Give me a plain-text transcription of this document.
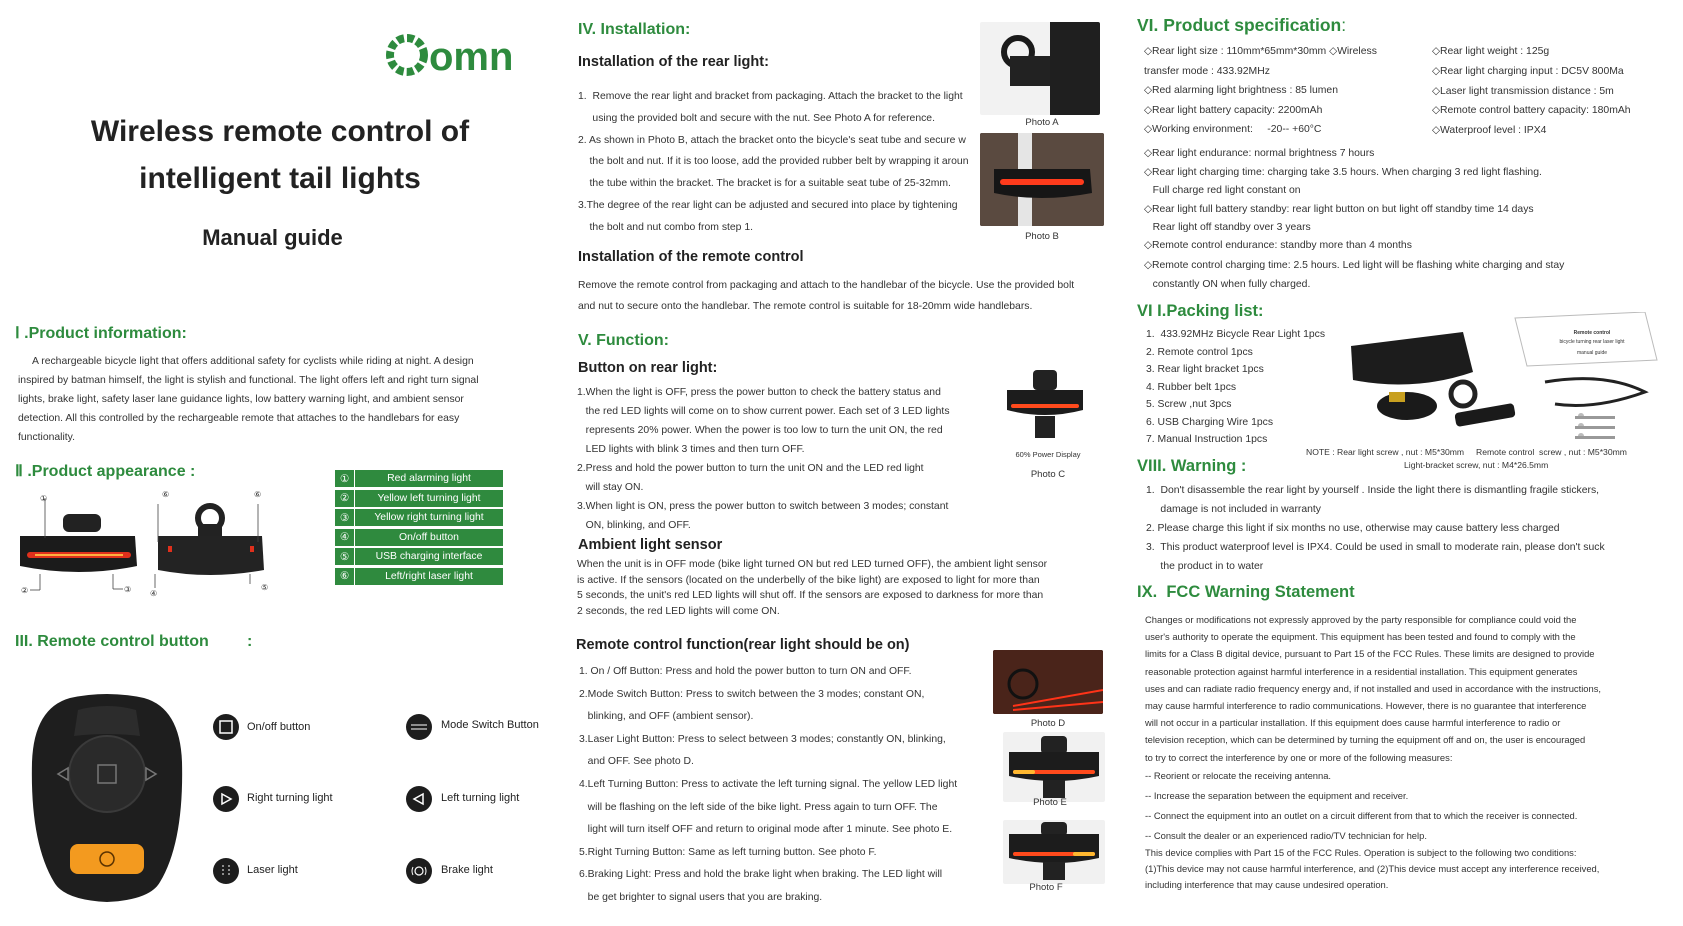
omni
Wireless remote control of
intelligent tail lights
Manual guide
Ⅰ .Product information:
A rechargeable bicycle light that offers additional safety for cyclists while riding at night. A design
inspired by batman himself, the light is stylish and functional. The light offers left and right turn signal
lights, brake light, safety laser lane guidance lights, low battery warning light, and ambient sensor
detection. All this controlled by the rechargeable remote that attaches to the handlebars for easy
functionality.
Ⅱ .Product appearance :
①
②	③ ④
⑤
⑥	⑥
①	Red alarming light
②	Yellow left turning light
③	Yellow right turning light
④	On/off button
⑤	USB charging interface
⑥	Left/right laser light
III. Remote control button :
On/off button	Mode Switch Button
Right turning light	Left turning light
Laser light	Brake light
IV. Installation:
Installation of the rear light:
1.  Remove the rear light and bracket from packaging. Attach the bracket to the light
using the provided bolt and secure with the nut. See Photo A for reference.
2. As shown in Photo B, attach the bracket onto the bicycle's seat tube and secure w
the bolt and nut. If it is too loose, add the provided rubber belt by wrapping it aroun
the tube within the bracket. The bracket is for a suitable seat tube of 25-32mm.
3.The degree of the rear light can be adjusted and secured into place by tightening
the bolt and nut combo from step 1.
Photo A
Photo B
Installation of the remote control
Remove the remote control from packaging and attach to the handlebar of the bicycle. Use the provided bolt
and nut to secure onto the handlebar. The remote control is suitable for 18-20mm wide handlebars.
V. Function:
Button on rear light:
1.When the light is OFF, press the power button to check the battery status and
the red LED lights will come on to show current power. Each set of 3 LED lights
represents 20% power. When the power is too low to turn the unit ON, the red
LED lights with blink 3 times and then turn OFF.
2.Press and hold the power button to turn the unit ON and the LED red light
will stay ON.
3.When light is ON, press the power button to switch between 3 modes; constant
ON, blinking, and OFF.
60% Power Display
Photo C
Ambient light sensor
When the unit is in OFF mode (bike light turned ON but red LED turned OFF), the ambient light sensor
is active. If the sensors (located on the underbelly of the bike light) are exposed to light for more than
5 seconds, the unit's red LED lights will shut off. If the sensors are exposed to darkness for more than
2 seconds, the red LED lights will come ON.
Remote control function(rear light should be on)
1. On / Off Button: Press and hold the power button to turn ON and OFF.
2.Mode Switch Button: Press to switch between the 3 modes; constant ON,
blinking, and OFF (ambient sensor).
3.Laser Light Button: Press to select between 3 modes; constantly ON, blinking,
and OFF. See photo D.
4.Left Turning Button: Press to activate the left turning signal. The yellow LED light
will be flashing on the left side of the bike light. Press again to turn OFF. The
light will turn itself OFF and return to original mode after 1 minute. See photo E.
5.Right Turning Button: Same as left turning button. See photo F.
6.Braking Light: Press and hold the brake light when braking. The LED light will
be get brighter to signal users that you are braking.
Photo D
Photo E
Photo F
VI. Product specification:
◇Rear light size : 110mm*65mm*30mm ◇Wireless
transfer mode : 433.92MHz
◇Red alarming light brightness : 85 lumen
◇Rear light battery capacity: 2200mAh
◇Working environment:     -20-- +60°C
◇Rear light weight : 125g
◇Rear light charging input : DC5V 800Ma
◇Laser light transmission distance : 5m
◇Remote control battery capacity: 180mAh
◇Waterproof level : IPX4
◇Rear light endurance: normal brightness 7 hours
◇Rear light charging time: charging take 3.5 hours. When charging 3 red light flashing.
Full charge red light constant on
◇Rear light full battery standby: rear light button on but light off standby time 14 days
Rear light off standby over 3 years
◇Remote control endurance: standby more than 4 months
◇Remote control charging time: 2.5 hours. Led light will be flashing white charging and stay
constantly ON when fully charged.
VI I.Packing list:
1.  433.92MHz Bicycle Rear Light 1pcs
2. Remote control 1pcs
3. Rear light bracket 1pcs
4. Rubber belt 1pcs
5. Screw ,nut 3pcs
6. USB Charging Wire 1pcs
7. Manual Instruction 1pcs
Remote control
bicycle turning rear laser light
manual guide
NOTE : Rear light screw , nut : M5*30mm     Remote control  screw , nut : M5*30mm
Light-bracket screw, nut : M4*26.5mm
VIII. Warning :
1.  Don't disassemble the rear light by yourself . Inside the light there is dismantling fragile stickers,
damage is not included in warranty
2. Please charge this light if six months no use, otherwise may cause battery less charged
3.  This product waterproof level is IPX4. Could be used in small to moderate rain, please don't suck
the product in to water
IX.  FCC Warning Statement

Changes or modifications not expressly approved by the party responsible for compliance could void the

user's authority to operate the equipment. This equipment has been tested and found to comply with the

limits for a Class B digital device, pursuant to Part 15 of the FCC Rules. These limits are designed to provide

reasonable protection against harmful interference in a residential installation. This equipment generates

uses and can radiate radio frequency energy and, if not installed and used in accordance with the instructions,

may cause harmful interference to radio communications. However, there is no guarantee that interference

will not occur in a particular installation. If this equipment does cause harmful interference to radio or

television reception, which can be determined by turning the equipment off and on, the user is encouraged

to try to correct the interference by one or more of the following measures:

-- Reorient or relocate the receiving antenna.

-- Increase the separation between the equipment and receiver.

-- Connect the equipment into an outlet on a circuit different from that to which the receiver is connected.

-- Consult the dealer or an experienced radio/TV technician for help.

This device complies with Part 15 of the FCC Rules. Operation is subject to the following two conditions:

(1)This device may not cause harmful interference, and (2)This device must accept any interference received,

including interference that may cause undesired operation.
